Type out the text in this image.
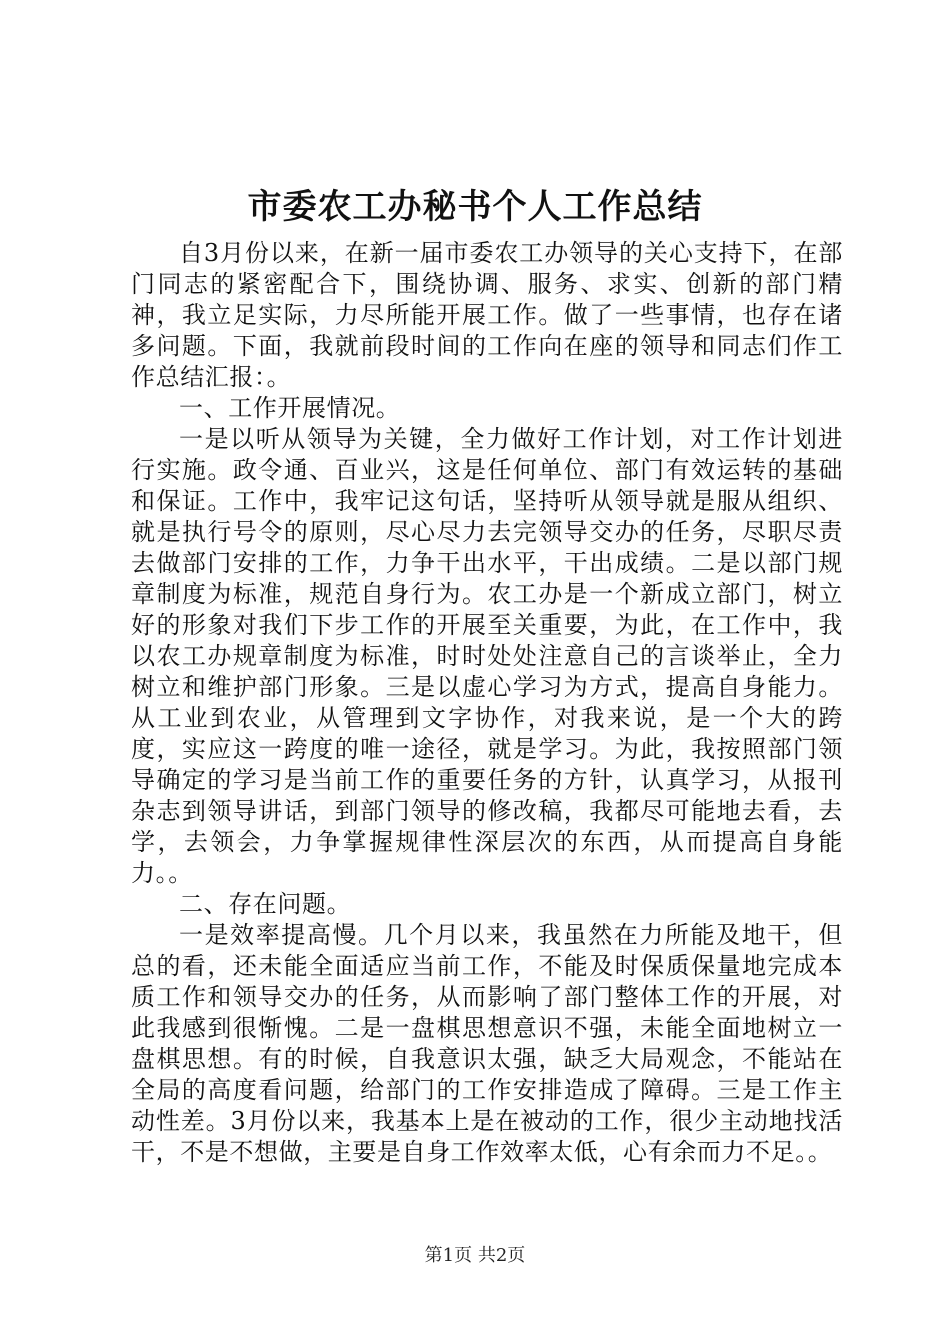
市委农工办秘书个人工作总结

自3月份以来，在新一届市委农工办领导的关心支持下，在部门同志的紧密配合下，围绕协调、服务、求实、创新的部门精神，我立足实际，力尽所能开展工作。做了一些事情，也存在诸多问题。下面，我就前段时间的工作向在座的领导和同志们作工作总结汇报：。

一、工作开展情况。

一是以听从领导为关键，全力做好工作计划，对工作计划进行实施。政令通、百业兴，这是任何单位、部门有效运转的基础和保证。工作中，我牢记这句话，坚持听从领导就是服从组织、就是执行号令的原则，尽心尽力去完领导交办的任务，尽职尽责去做部门安排的工作，力争干出水平，干出成绩。二是以部门规章制度为标准，规范自身行为。农工办是一个新成立部门，树立好的形象对我们下步工作的开展至关重要，为此，在工作中，我以农工办规章制度为标准，时时处处注意自己的言谈举止，全力树立和维护部门形象。三是以虚心学习为方式，提高自身能力。从工业到农业，从管理到文字协作，对我来说，是一个大的跨度，实应这一跨度的唯一途径，就是学习。为此，我按照部门领导确定的学习是当前工作的重要任务的方针，认真学习，从报刊杂志到领导讲话，到部门领导的修改稿，我都尽可能地去看，去学，去领会，力争掌握规律性深层次的东西，从而提高自身能力。。

二、存在问题。

一是效率提高慢。几个月以来，我虽然在力所能及地干，但总的看，还未能全面适应当前工作，不能及时保质保量地完成本质工作和领导交办的任务，从而影响了部门整体工作的开展，对此我感到很惭愧。二是一盘棋思想意识不强，未能全面地树立一盘棋思想。有的时候，自我意识太强，缺乏大局观念，不能站在全局的高度看问题，给部门的工作安排造成了障碍。三是工作主动性差。3月份以来，我基本上是在被动的工作，很少主动地找活干，不是不想做，主要是自身工作效率太低，心有余而力不足。。

第1页 共2页
